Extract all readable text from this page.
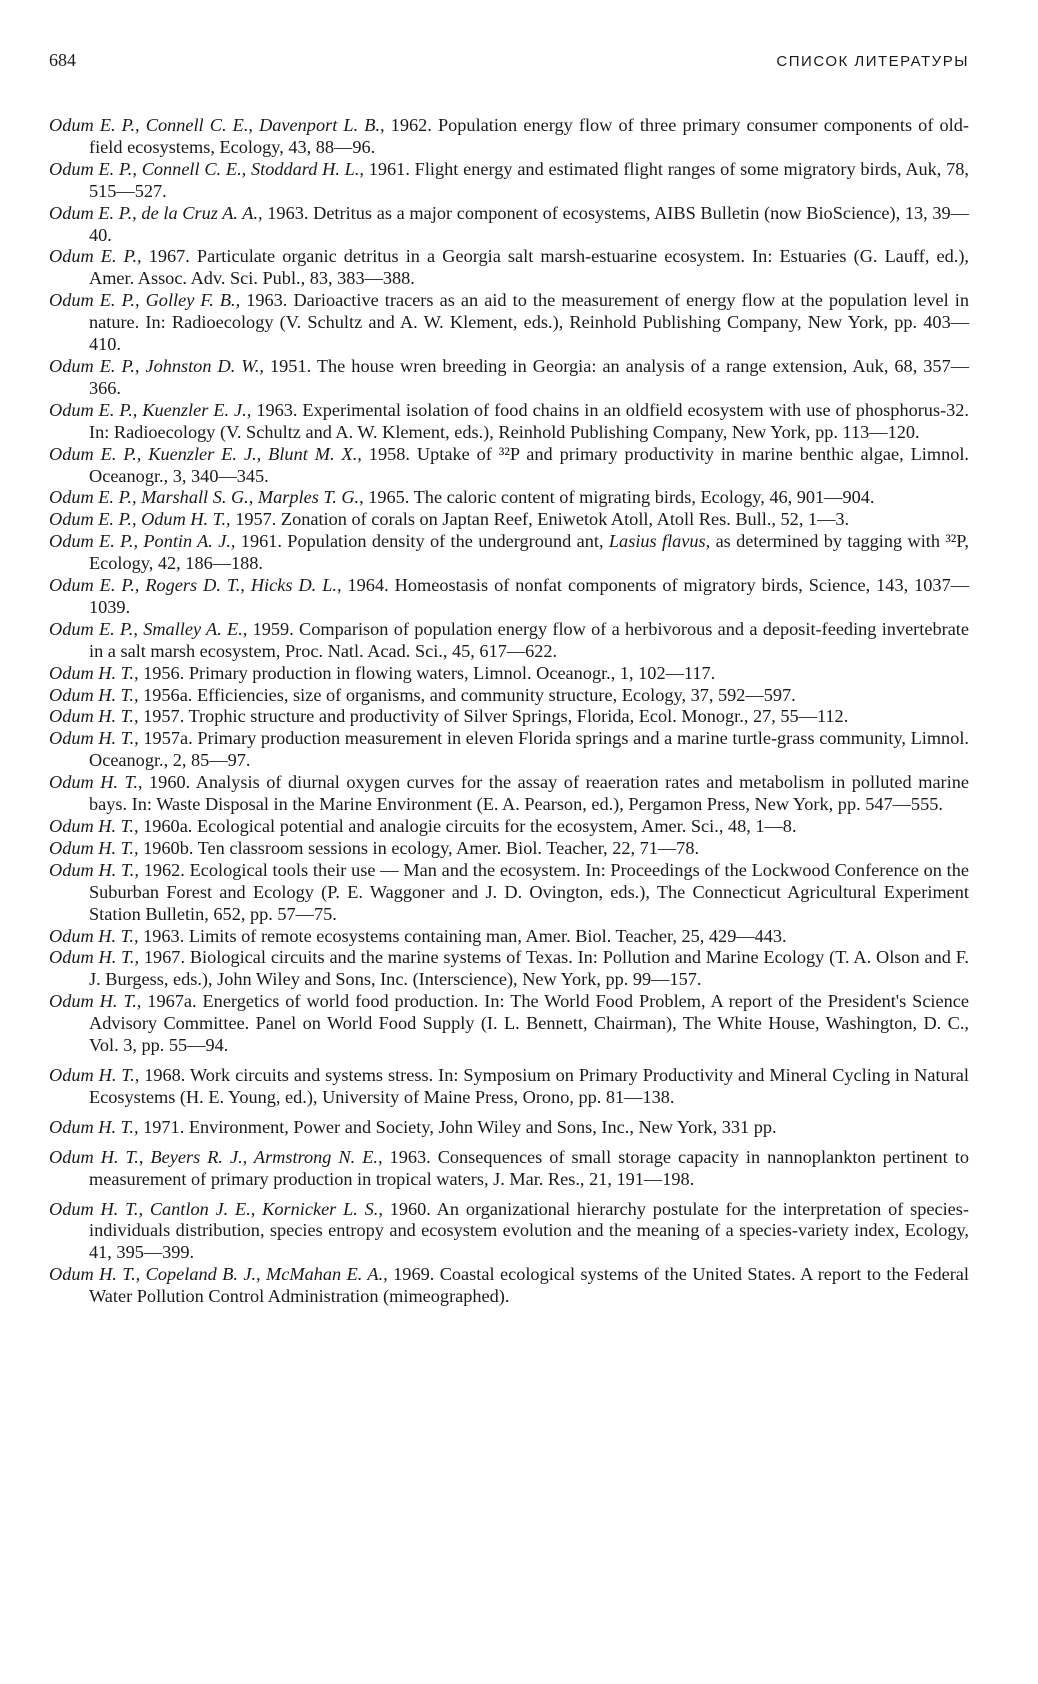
684	СПИСОК ЛИТЕРАТУРЫ

Odum E. P., Connell C. E., Davenport L. B., 1962. Population energy flow of three primary consumer components of old-field ecosystems, Ecology, 43, 88—96.

Odum E. P., Connell C. E., Stoddard H. L., 1961. Flight energy and estimated flight ranges of some migratory birds, Auk, 78, 515—527.

Odum E. P., de la Cruz A. A., 1963. Detritus as a major component of ecosystems, AIBS Bulletin (now BioScience), 13, 39—40.

Odum E. P., 1967. Particulate organic detritus in a Georgia salt marsh-estuarine ecosystem. In: Estuaries (G. Lauff, ed.), Amer. Assoc. Adv. Sci. Publ., 83, 383—388.

Odum E. P., Golley F. B., 1963. Darioactive tracers as an aid to the measurement of energy flow at the population level in nature. In: Radioecology (V. Schultz and A. W. Klement, eds.), Reinhold Publishing Company, New York, pp. 403—410.

Odum E. P., Johnston D. W., 1951. The house wren breeding in Georgia: an analysis of a range extension, Auk, 68, 357—366.

Odum E. P., Kuenzler E. J., 1963. Experimental isolation of food chains in an oldfield ecosystem with use of phosphorus-32. In: Radioecology (V. Schultz and A. W. Klement, eds.), Reinhold Publishing Company, New York, pp. 113—120.

Odum E. P., Kuenzler E. J., Blunt M. X., 1958. Uptake of ³²P and primary productivity in marine benthic algae, Limnol. Oceanogr., 3, 340—345.

Odum E. P., Marshall S. G., Marples T. G., 1965. The caloric content of migrating birds, Ecology, 46, 901—904.

Odum E. P., Odum H. T., 1957. Zonation of corals on Japtan Reef, Eniwetok Atoll, Atoll Res. Bull., 52, 1—3.

Odum E. P., Pontin A. J., 1961. Population density of the underground ant, Lasius flavus, as determined by tagging with ³²P, Ecology, 42, 186—188.

Odum E. P., Rogers D. T., Hicks D. L., 1964. Homeostasis of nonfat components of migratory birds, Science, 143, 1037—1039.

Odum E. P., Smalley A. E., 1959. Comparison of population energy flow of a herbivorous and a deposit-feeding invertebrate in a salt marsh ecosystem, Proc. Natl. Acad. Sci., 45, 617—622.

Odum H. T., 1956. Primary production in flowing waters, Limnol. Oceanogr., 1, 102—117.

Odum H. T., 1956a. Efficiencies, size of organisms, and community structure, Ecology, 37, 592—597.

Odum H. T., 1957. Trophic structure and productivity of Silver Springs, Florida, Ecol. Monogr., 27, 55—112.

Odum H. T., 1957a. Primary production measurement in eleven Florida springs and a marine turtle-grass community, Limnol. Oceanogr., 2, 85—97.

Odum H. T., 1960. Analysis of diurnal oxygen curves for the assay of reaeration rates and metabolism in polluted marine bays. In: Waste Disposal in the Marine Environment (E. A. Pearson, ed.), Pergamon Press, New York, pp. 547—555.

Odum H. T., 1960a. Ecological potential and analogie circuits for the ecosystem, Amer. Sci., 48, 1—8.

Odum H. T., 1960b. Ten classroom sessions in ecology, Amer. Biol. Teacher, 22, 71—78.

Odum H. T., 1962. Ecological tools their use — Man and the ecosystem. In: Proceedings of the Lockwood Conference on the Suburban Forest and Ecology (P. E. Waggoner and J. D. Ovington, eds.), The Connecticut Agricultural Experiment Station Bulletin, 652, pp. 57—75.

Odum H. T., 1963. Limits of remote ecosystems containing man, Amer. Biol. Teacher, 25, 429—443.

Odum H. T., 1967. Biological circuits and the marine systems of Texas. In: Pollution and Marine Ecology (T. A. Olson and F. J. Burgess, eds.), John Wiley and Sons, Inc. (Interscience), New York, pp. 99—157.

Odum H. T., 1967a. Energetics of world food production. In: The World Food Problem, A report of the President's Science Advisory Committee. Panel on World Food Supply (I. L. Bennett, Chairman), The White House, Washington, D. C., Vol. 3, pp. 55—94.

Odum H. T., 1968. Work circuits and systems stress. In: Symposium on Primary Productivity and Mineral Cycling in Natural Ecosystems (H. E. Young, ed.), University of Maine Press, Orono, pp. 81—138.

Odum H. T., 1971. Environment, Power and Society, John Wiley and Sons, Inc., New York, 331 pp.

Odum H. T., Beyers R. J., Armstrong N. E., 1963. Consequences of small storage capacity in nannoplankton pertinent to measurement of primary production in tropical waters, J. Mar. Res., 21, 191—198.

Odum H. T., Cantlon J. E., Kornicker L. S., 1960. An organizational hierarchy postulate for the interpretation of species-individuals distribution, species entropy and ecosystem evolution and the meaning of a species-variety index, Ecology, 41, 395—399.

Odum H. T., Copeland B. J., McMahan E. A., 1969. Coastal ecological systems of the United States. A report to the Federal Water Pollution Control Administration (mimeographed).
